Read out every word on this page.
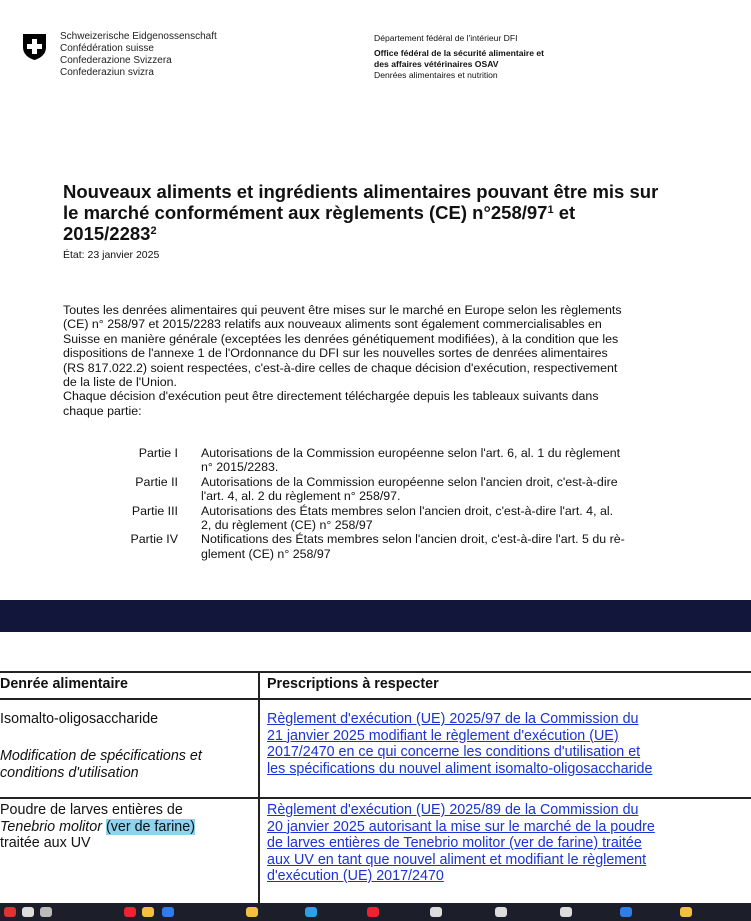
Schweizerische Eidgenossenschaft
Confédération suisse
Confederazione Svizzera
Confederaziun svizra
Département fédéral de l'intérieur DFI
Office fédéral de la sécurité alimentaire et
des affaires vétérinaires OSAV
Denrées alimentaires et nutrition
Nouveaux aliments et ingrédients alimentaires pouvant être mis sur
le marché conformément aux règlements (CE) $n^\circ 258/97^1$ et
2015/2283$^2$
État: 23 janvier 2025
Toutes les denrées alimentaires qui peuvent être mises sur le marché en Europe selon les règlements
(CE) n° 258/97 et 2015/2283 relatifs aux nouveaux aliments sont également commercialisables en
Suisse en manière générale (exceptées les denrées génétiquement modifiées), à la condition que les
dispositions de l'annexe 1 de l'Ordonnance du DFI sur les nouvelles sortes de denrées alimentaires
(RS 817.022.2) soient respectées, c'est-à-dire celles de chaque décision d'exécution, respectivement
de la liste de l'Union.
Chaque décision d'exécution peut être directement téléchargée depuis les tableaux suivants dans
chaque partie:
Partie I Autorisations de la Commission européenne selon l'art. 6, al. 1 du règlement
n° 2015/2283.
Partie II Autorisations de la Commission européenne selon l'ancien droit, c'est-à-dire
l'art. 4, al. 2 du règlement n° 258/97.
Partie III Autorisations des États membres selon l'ancien droit, c'est-à-dire l'art. 4, al.
2, du règlement (CE) n° 258/97
Partie IV Notifications des États membres selon l'ancien droit, c'est-à-dire l'art. 5 du rè-
glement (CE) n° 258/97
Denrée alimentaire	Prescriptions à respecter
Isomalto-oligosaccharide
Modification de spécifications et
conditions d'utilisation
Règlement d'exécution (UE) 2025/97 de la Commission du
21 janvier 2025 modifiant le règlement d'exécution (UE)
2017/2470 en ce qui concerne les conditions d'utilisation et
les spécifications du nouvel aliment isomalto-oligosaccharide
Poudre de larves entières de
Tenebrio molitor (ver de farine)
traitée aux UV
Règlement d'exécution (UE) 2025/89 de la Commission du
20 janvier 2025 autorisant la mise sur le marché de la poudre
de larves entières de Tenebrio molitor (ver de farine) traitée
aux UV en tant que nouvel aliment et modifiant le règlement
d'exécution (UE) 2017/2470
